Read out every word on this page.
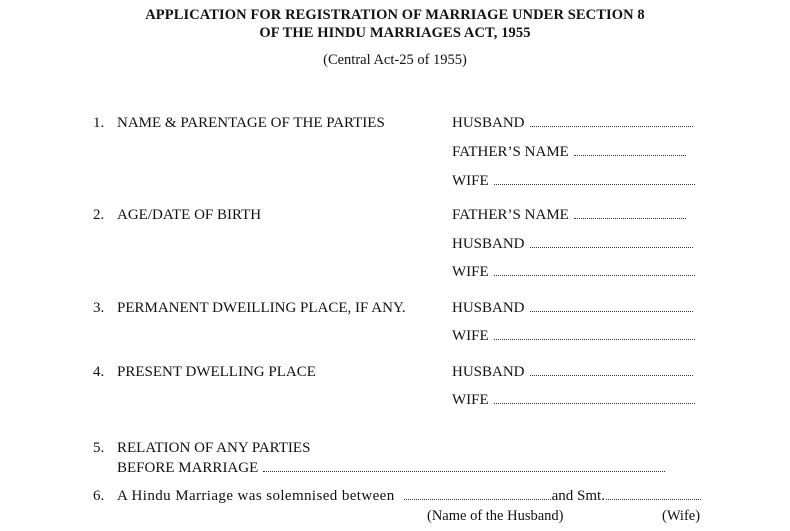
APPLICATION FOR REGISTRATION OF MARRIAGE UNDER SECTION 8
OF THE HINDU MARRIAGES ACT, 1955
(Central Act-25 of 1955)
1. NAME & PARENTAGE OF THE PARTIES	HUSBAND
FATHER’S NAME
WIFE
2. AGE/DATE OF BIRTH	FATHER’S NAME
HUSBAND
WIFE
3. PERMANENT DWEILLING PLACE, IF ANY.	HUSBAND
WIFE
4. PRESENT DWELLING PLACE	HUSBAND
WIFE
5. RELATION OF ANY PARTIES
BEFORE MARRIAGE
6. A Hindu Marriage was solemnised between	and Smt.
(Name of the Husband)	(Wife)
